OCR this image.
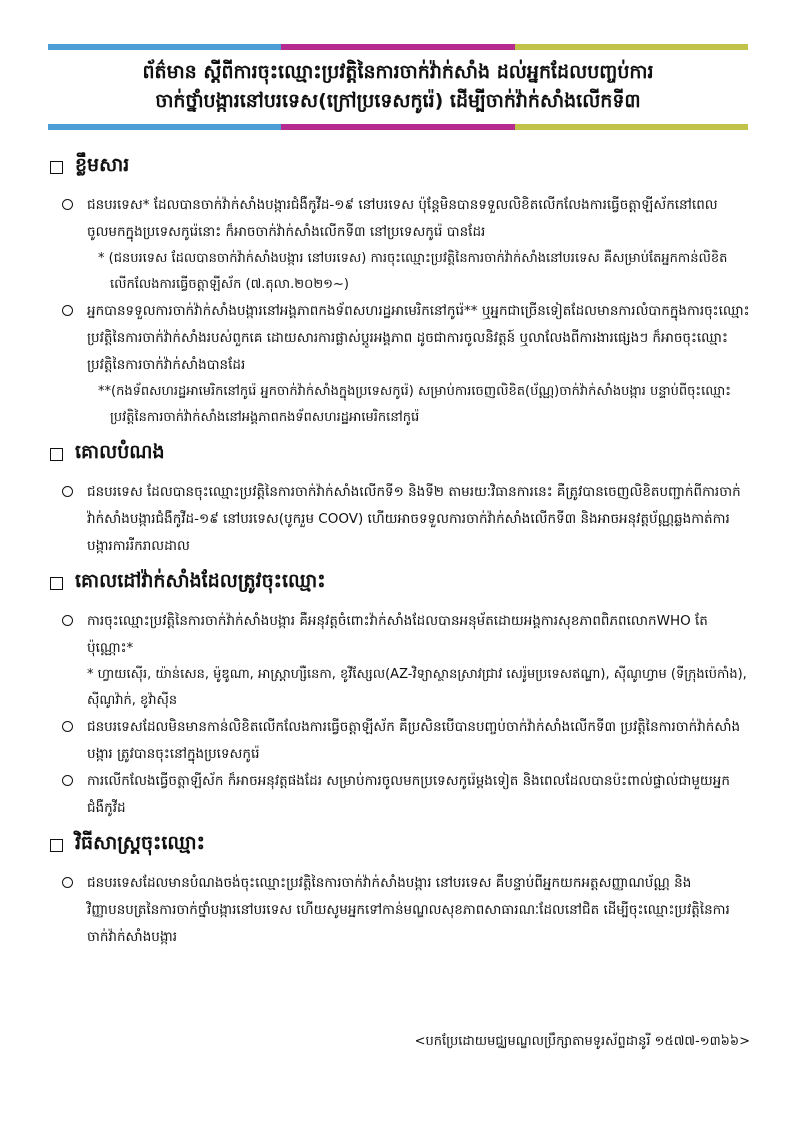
ព័ត៌មាន ស្តីពីការចុះឈ្មោះប្រវត្តិនៃការចាក់វ៉ាក់សាំង ដល់អ្នកដែលបញ្ចប់ការ
ចាក់ថ្នាំបង្ការនៅបរទេស(ក្រៅប្រទេសកូរ៉េ) ដើម្បីចាក់វ៉ាក់សាំងលើកទី៣
ខ្លឹមសារ
ជនបរទេស* ដែលបានចាក់វ៉ាក់សាំងបង្ការជំងឺកូវីដ-១៩ នៅបរទេស ប៉ុន្តែមិនបានទទួលលិខិតលើកលែងការធ្វើចត្តាឡីស័កនៅពេលចូលមកក្នុងប្រទេសកូរ៉េនោះ ក៏អាចចាក់វ៉ាក់សាំងលើកទី៣ នៅប្រទេសកូរ៉េ បានដែរ
* (ជនបរទេស ដែលបានចាក់វ៉ាក់សាំងបង្ការ នៅបរទេស) ការចុះឈ្មោះប្រវត្តិនៃការចាក់វ៉ាក់សាំងនៅបរទេស គឺសម្រាប់តែអ្នកកាន់លិខិតលើកលែងការធ្វើចត្តាឡីស័ក (៧.តុលា.២០២១~)
អ្នកបានទទួលការចាក់វ៉ាក់សាំងបង្ការនៅអង្គភាពកងទ័ពសហរដ្ឋអាមេរិកនៅកូរ៉េ** ឬអ្នកជាច្រើនទៀតដែលមានការលំបាកក្នុងការចុះឈ្មោះប្រវត្តិនៃការចាក់វ៉ាក់សាំងរបស់ពួកគេ ដោយសារការផ្លាស់ប្តូរអង្គភាព ដូចជាការចូលនិវត្តន៍ ឬលាលែងពីការងារផ្សេងៗ ក៏អាចចុះឈ្មោះប្រវត្តិនៃការចាក់វ៉ាក់សាំងបានដែរ
**(កងទ័ពសហរដ្ឋអាមេរិកនៅកូរ៉េ អ្នកចាក់វ៉ាក់សាំងក្នុងប្រទេសកូរ៉េ) សម្រាប់ការចេញលិខិត(ប័ណ្ណ)ចាក់វ៉ាក់សាំងបង្ការ បន្ទាប់ពីចុះឈ្មោះប្រវត្តិនៃការចាក់វ៉ាក់សាំងនៅអង្គភាពកងទ័ពសហរដ្ឋអាមេរិកនៅកូរ៉េ
គោលបំណង
ជនបរទេស ដែលបានចុះឈ្មោះប្រវត្តិនៃការចាក់វ៉ាក់សាំងលើកទី១ និងទី២ តាមរយៈវិធានការនេះ គឺត្រូវបានចេញលិខិតបញ្ជាក់ពីការចាក់វ៉ាក់សាំងបង្ការជំងឺកូវីដ-១៩ នៅបរទេស(បូករួម COOV) ហើយអាចទទួលការចាក់វ៉ាក់សាំងលើកទី៣ និងអាចអនុវត្តប័ណ្ណឆ្លងកាត់ការបង្ការការរីករាលដាល
គោលដៅវ៉ាក់សាំងដែលត្រូវចុះឈ្មោះ
ការចុះឈ្មោះប្រវត្តិនៃការចាក់វ៉ាក់សាំងបង្ការ គឺអនុវត្តចំពោះវ៉ាក់សាំងដែលបានអនុម័តដោយអង្គការសុខភាពពិភពលោកWHO តែប៉ុណ្ណោះ*
* ហ្វាយស៊ើរ, យ៉ាន់សេន, ម៉ូឌូណា, អាស្ត្រាហ្សឺនេកា, ខូវីស្សែល(AZ-វិទ្យាស្ថានស្រាវជ្រាវ សេរ៉ូមប្រទេសឥណ្ឌា), ស៊ីណូហ្វាម (ទីក្រុងប៉េកាំង), ស៊ីណូវ៉ាក់, ខូវ៉ាស៊ីន
ជនបរទេសដែលមិនមានកាន់លិខិតលើកលែងការធ្វើចត្តាឡីស័ក គឺប្រសិនបើបានបញ្ចប់ចាក់វ៉ាក់សាំងលើកទី៣ ប្រវត្តិនៃការចាក់វ៉ាក់សាំងបង្ការ ត្រូវបានចុះនៅក្នុងប្រទេសកូរ៉េ
ការលើកលែងធ្វើចត្តាឡីស័ក ក៏អាចអនុវត្តផងដែរ សម្រាប់ការចូលមកប្រទេសកូរ៉េម្តងទៀត និងពេលដែលបានប៉ះពាល់ផ្ទាល់ជាមួយអ្នកជំងឺកូវីដ
វិធីសាស្ត្រចុះឈ្មោះ
ជនបរទេសដែលមានបំណងចង់ចុះឈ្មោះប្រវត្តិនៃការចាក់វ៉ាក់សាំងបង្ការ នៅបរទេស គឺបន្ទាប់ពីអ្នកយកអត្តសញ្ញាណប័ណ្ណ និងវិញ្ញាបនបត្រនៃការចាក់ថ្នាំបង្ការនៅបរទេស ហើយសូមអ្នកទៅកាន់មណ្ឌលសុខភាពសាធារណៈដែលនៅជិត ដើម្បីចុះឈ្មោះប្រវត្តិនៃការចាក់វ៉ាក់សាំងបង្ការ
<បកប្រែដោយមជ្ឈមណ្ឌលប្រឹក្សាតាមទូរស័ព្ទដានូរី ១៥៧៧-១៣៦៦>
